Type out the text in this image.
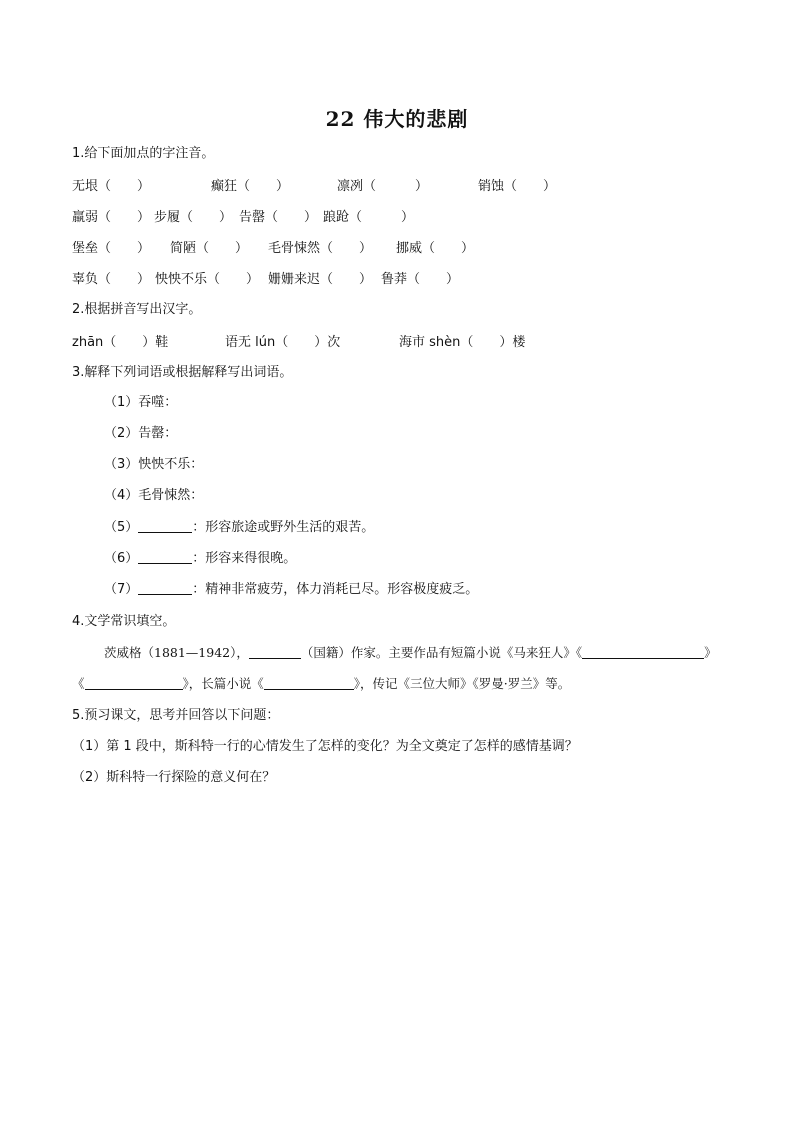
22 伟大的悲剧
1.给下面加点的字注音。
无垠（　　）	癫狂（　　）	凛冽（　　　）	销蚀（　　）
羸弱（　　） 步履（　　） 告罄（　　） 踉跄（　　　）
堡垒（　　） 简陋（　　） 毛骨悚然（　　） 挪威（　　）
辜负（　　） 怏怏不乐（　　） 姗姗来迟（　　） 鲁莽（　　）
2.根据拼音写出汉字。
zhān（　　）鞋	语无 lún（　　）次	海市 shèn（　　）楼
3.解释下列词语或根据解释写出词语。
（1）吞噬：
（2）告罄：
（3）怏怏不乐：
（4）毛骨悚然：
（5）	：形容旅途或野外生活的艰苦。
（6）	：形容来得很晚。
（7）	：精神非常疲劳，体力消耗已尽。形容极度疲乏。
4.文学常识填空。
茨威格（1881—1942），	（国籍）作家。主要作品有短篇小说《马来狂人》《	》
《	》，长篇小说《	》，传记《三位大师》《罗曼·罗兰》等。
5.预习课文，思考并回答以下问题：
（1）第 1 段中，斯科特一行的心情发生了怎样的变化？为全文奠定了怎样的感情基调？
（2）斯科特一行探险的意义何在？
